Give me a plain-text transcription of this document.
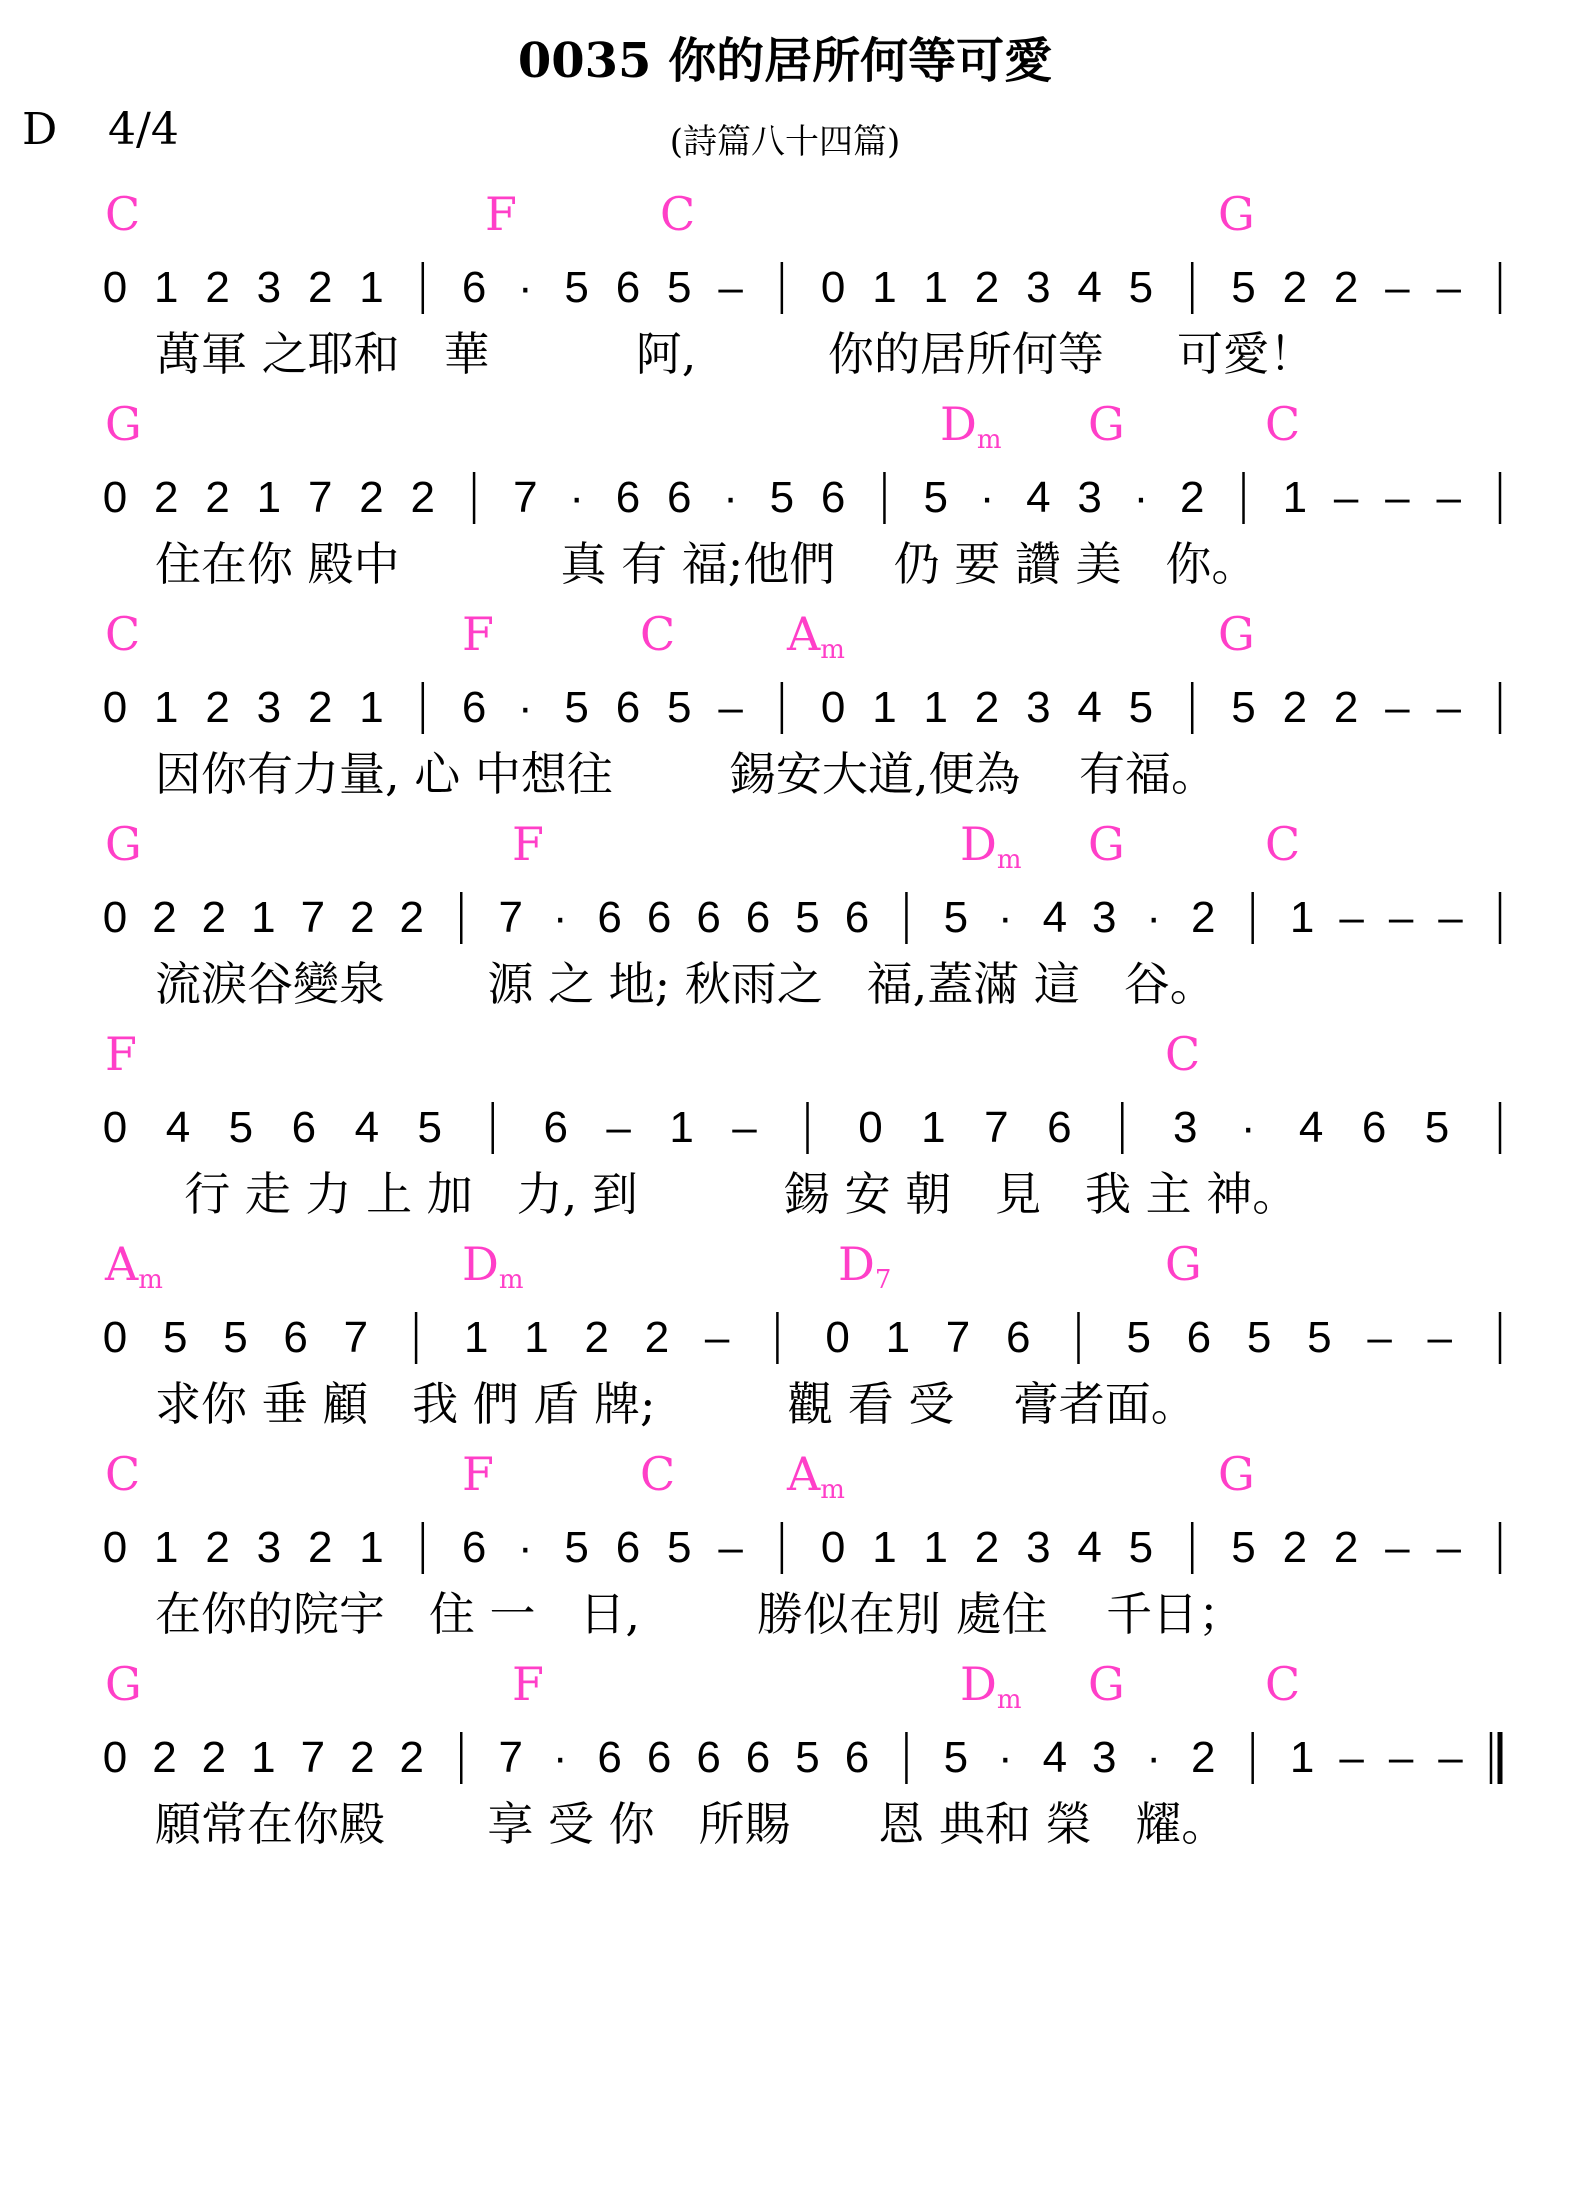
0035 你的居所何等可愛
D 4/4	(詩篇八十四篇)
C	F	C	G
0 1 2 3 2 1 6 · 5 6 5 – 0 1 1 2 3 4 5 5 2 2 – –
萬軍 之耶和   華          阿,         你的居所何等     可愛！
G	$D_m$ G	C
0 2 2 1 7 2 2 7 · 6 6 · 5 6 5 · 4 3 · 2 1 – – –
住在你 殿中           真 有 福;他們    仍 要 讚 美   你。
C	F	C $A_m$	G
0 1 2 3 2 1 6 · 5 6 5 – 0 1 1 2 3 4 5 5 2 2 – –
因你有力量, 心 中想往        錫安大道,便為    有福。
G	F	$D_m$ G	C
0 2 2 1 7 2 2 7 · 6 6 6 6 5 6 5 · 4 3 · 2 1 – – –
流淚谷變泉       源 之 地; 秋雨之   福,蓋滿 這   谷。
F	C
0 4 5 6 4 5 6 – 1 – 0 1 7 6 3 · 4 6 5
行 走 力 上 加   力, 到          錫 安 朝   見   我 主 神。
$A_m$	$D_m$	$D_7$	G
0 5 5 6 7 1 1 2 2 – 0 1 7 6 5 6 5 5 – –
求你 垂 顧   我 們 盾 牌;         觀 看 受    膏者面。
C	F	C $A_m$	G
0 1 2 3 2 1 6 · 5 6 5 – 0 1 1 2 3 4 5 5 2 2 – –
在你的院宇   住 一   日,        勝似在別 處住    千日；
G	F	$D_m$ G	C
0 2 2 1 7 2 2 7 · 6 6 6 6 5 6 5 · 4 3 · 2 1 – – –
願常在你殿       享 受 你   所賜      恩 典和 榮   耀。
